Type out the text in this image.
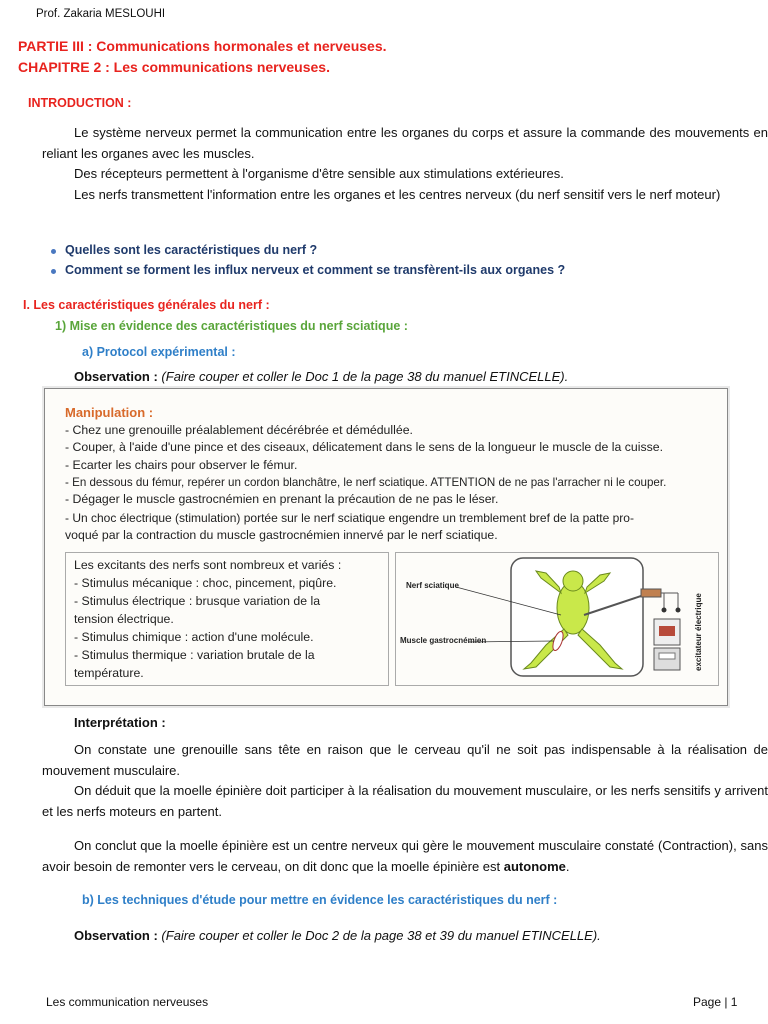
Prof. Zakaria MESLOUHI
PARTIE III : Communications hormonales et nerveuses.
CHAPITRE 2 : Les communications nerveuses.
INTRODUCTION :
Le système nerveux permet la communication entre les organes du corps et assure la commande des mouvements en reliant les organes avec les muscles.
Des récepteurs permettent à l'organisme d'être sensible aux stimulations extérieures.
Les nerfs transmettent l'information entre les organes et les centres nerveux (du nerf sensitif vers le nerf moteur)
Quelles sont les caractéristiques du nerf ?
Comment se forment les influx nerveux et comment se transfèrent-ils aux organes ?
I. Les caractéristiques générales du nerf :
1) Mise en évidence des caractéristiques du nerf sciatique :
a) Protocol expérimental :
Observation : (Faire couper et coller le Doc 1 de la page 38 du manuel ETINCELLE).
Manipulation :
- Chez une grenouille préalablement décérébrée et démédullée.
- Couper, à l'aide d'une pince et des ciseaux, délicatement dans le sens de la longueur le muscle de la cuisse.
- Ecarter les chairs pour observer le fémur.
- En dessous du fémur, repérer un cordon blanchâtre, le nerf sciatique. ATTENTION de ne pas l'arracher ni le couper.
- Dégager le muscle gastrocnémien en prenant la précaution de ne pas le léser.
- Un choc électrique (stimulation) portée sur le nerf sciatique engendre un tremblement bref de la patte pro-
voqué par la contraction du muscle gastrocnémien innervé par le nerf sciatique.
Les excitants des nerfs sont nombreux et variés :
- Stimulus mécanique : choc, pincement, piqûre.
- Stimulus électrique : brusque variation de la
tension électrique.
- Stimulus chimique : action d'une molécule.
- Stimulus thermique : variation brutale de la
température.
Nerf sciatique
Muscle gastrocnémien	excitateur électrique
Interprétation :
On constate une grenouille sans tête en raison que le cerveau qu'il ne soit pas indispensable à la réalisation de mouvement musculaire.
On déduit que la moelle épinière doit participer à la réalisation du mouvement musculaire, or les nerfs sensitifs y arrivent et les nerfs moteurs en partent.
On conclut que la moelle épinière est un centre nerveux qui gère le mouvement musculaire constaté (Contraction), sans avoir besoin de remonter vers le cerveau, on dit donc que la moelle épinière est autonome.
b) Les techniques d'étude pour mettre en évidence les caractéristiques du nerf :
Observation : (Faire couper et coller le Doc 2 de la page 38 et 39 du manuel ETINCELLE).
Les communication nerveuses	Page | 1
